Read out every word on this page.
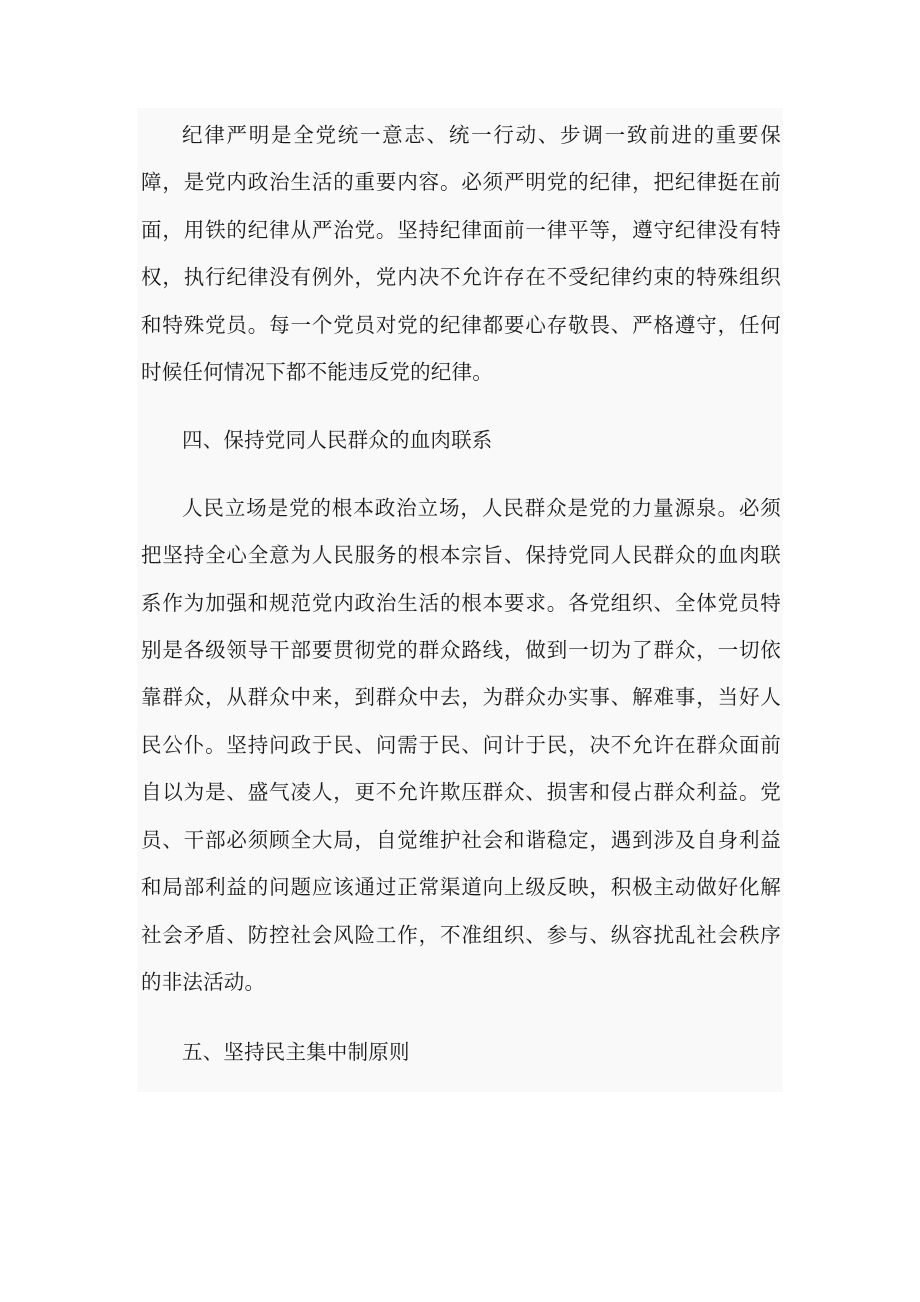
纪律严明是全党统一意志、统一行动、步调一致前进的重要保障，是党内政治生活的重要内容。必须严明党的纪律，把纪律挺在前面，用铁的纪律从严治党。坚持纪律面前一律平等，遵守纪律没有特权，执行纪律没有例外，党内决不允许存在不受纪律约束的特殊组织和特殊党员。每一个党员对党的纪律都要心存敬畏、严格遵守，任何时候任何情况下都不能违反党的纪律。

四、保持党同人民群众的血肉联系

人民立场是党的根本政治立场，人民群众是党的力量源泉。必须把坚持全心全意为人民服务的根本宗旨、保持党同人民群众的血肉联系作为加强和规范党内政治生活的根本要求。各党组织、全体党员特别是各级领导干部要贯彻党的群众路线，做到一切为了群众，一切依靠群众，从群众中来，到群众中去，为群众办实事、解难事，当好人民公仆。坚持问政于民、问需于民、问计于民，决不允许在群众面前自以为是、盛气凌人，更不允许欺压群众、损害和侵占群众利益。党员、干部必须顾全大局，自觉维护社会和谐稳定，遇到涉及自身利益和局部利益的问题应该通过正常渠道向上级反映，积极主动做好化解社会矛盾、防控社会风险工作，不准组织、参与、纵容扰乱社会秩序的非法活动。

五、坚持民主集中制原则
